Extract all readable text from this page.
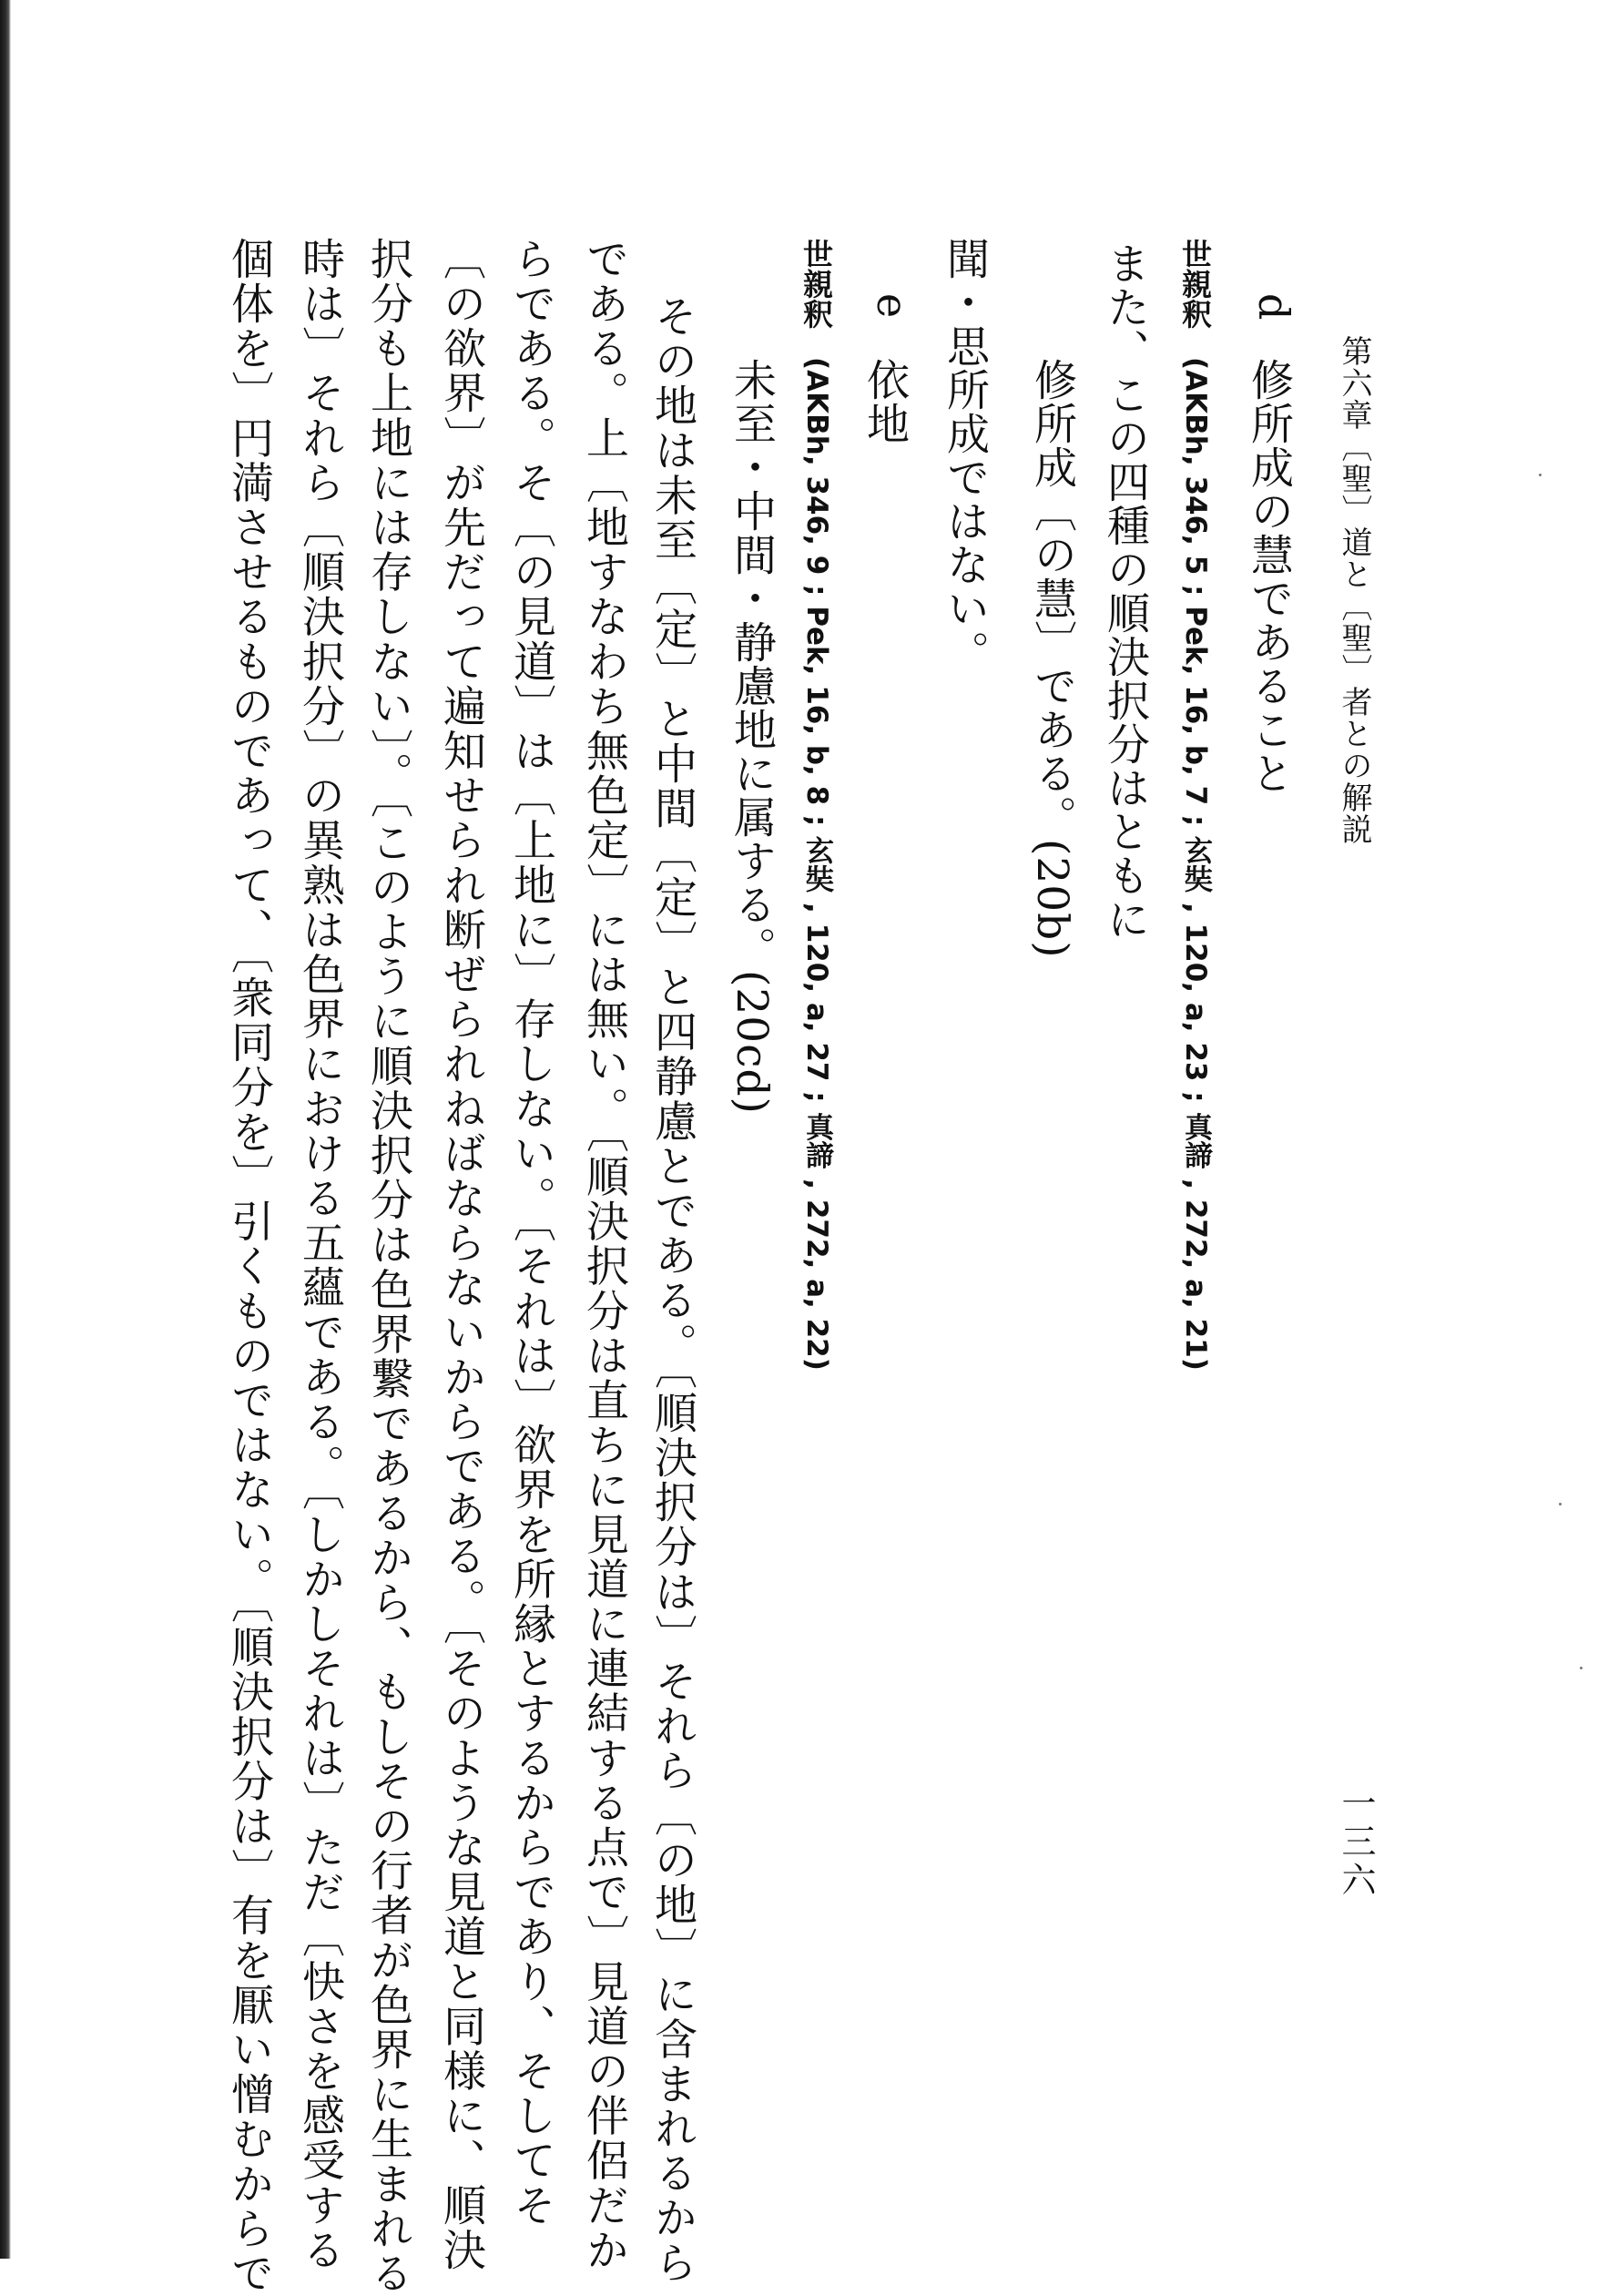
第六章〔聖〕道と〔聖〕者との解説
一三六
d
修所成の慧であること
世親釈
(AKBh, 346, 5 ; Pek, 16, b, 7 ; 玄奘 , 120, a, 23 ; 真諦 , 272, a, 21)
また、この四種の順決択分はともに
修所成〔の慧〕である。(20b)
聞・思所成ではない。
e
依地
未至・中間・静慮地に属する。(20cd)
世親釈
(AKBh, 346, 9 ; Pek, 16, b, 8 ; 玄奘 , 120, a, 27 ; 真諦 , 272, a, 22)
その地は未至〔定〕と中間〔定〕と四静慮とである。〔順決択分は〕それら〔の地〕に含まれるから
である。上〔地すなわち無色定〕には無い。〔順決択分は直ちに見道に連結する点で〕見道の伴侶だか
らである。そ〔の見道〕は〔上地に〕存しない。〔それは〕欲界を所縁とするからであり、そしてそ
〔の欲界〕が先だって遍知せられ断ぜられねばならないからである。〔そのような見道と同様に、順決
択分も上地には存しない〕。〔このように順決択分は色界繋であるから、もしその行者が色界に生まれる
時は〕それら〔順決択分〕の異熟は色界における五蘊である。〔しかしそれは〕ただ〔快さを感受する
個体を〕円満させるものであって、〔衆同分を〕引くものではない。〔順決択分は〕有を厭い憎むからで
